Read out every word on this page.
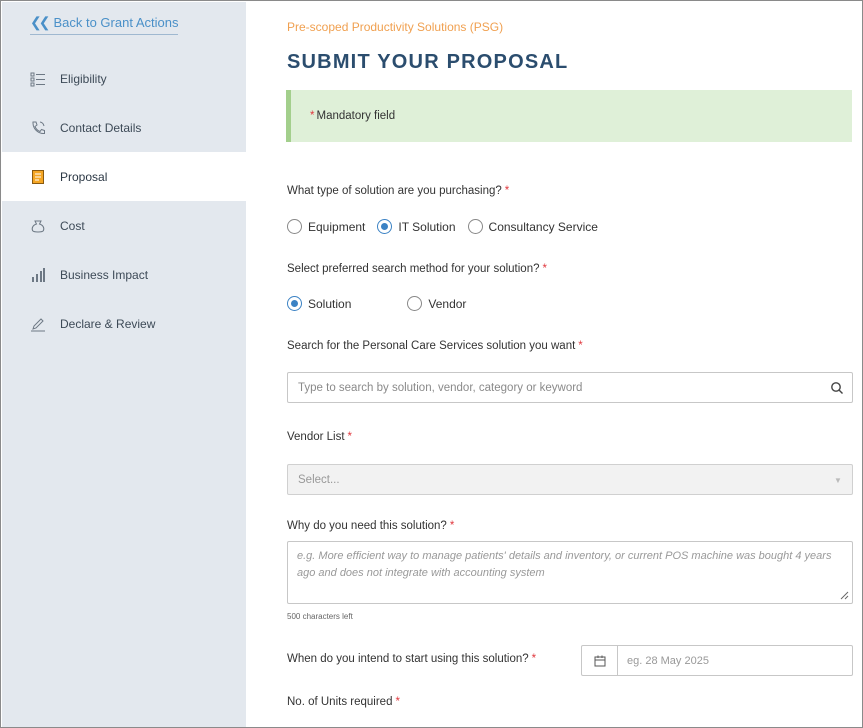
❮❮ Back to Grant Actions
Eligibility
Contact Details
Proposal
Cost
Business Impact
Declare & Review
Pre-scoped Productivity Solutions (PSG)
SUBMIT YOUR PROPOSAL
* Mandatory field
What type of solution are you purchasing? *
Equipment	IT Solution	Consultancy Service
Select preferred search method for your solution? *
Solution	Vendor
Search for the Personal Care Services solution you want *
Type to search by solution, vendor, category or keyword
Vendor List *
Select...	▼
Why do you need this solution? *
e.g. More efficient way to manage patients' details and inventory, or current POS machine was bought 4 years ago and does not integrate with accounting system
500 characters left
When do you intend to start using this solution? *	eg. 28 May 2025
No. of Units required *
